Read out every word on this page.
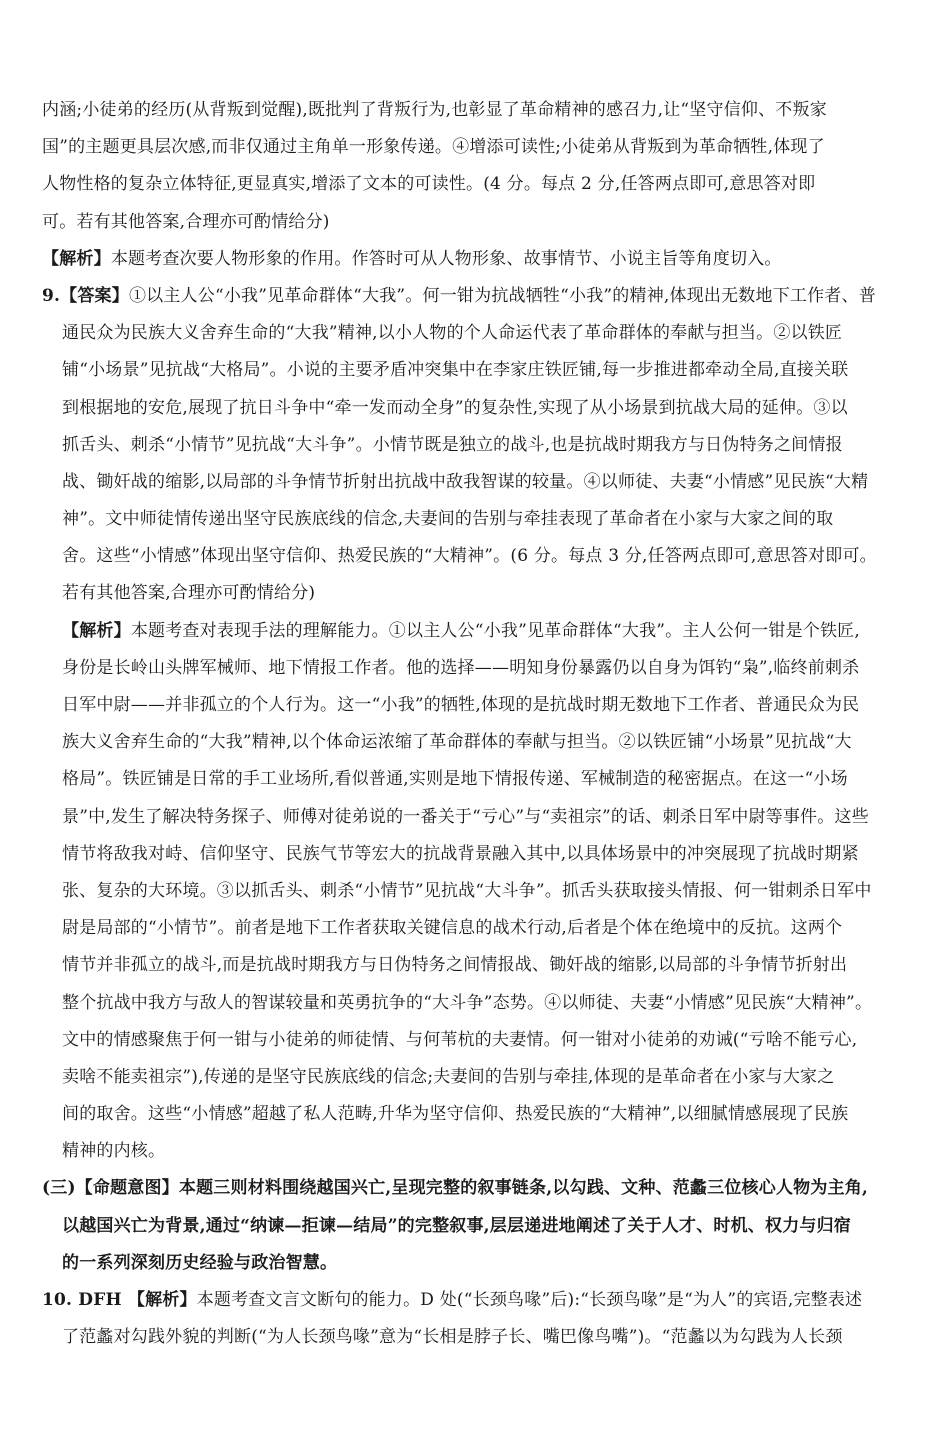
内涵;小徒弟的经历(从背叛到觉醒),既批判了背叛行为,也彰显了革命精神的感召力,让“坚守信仰、不叛家
国”的主题更具层次感,而非仅通过主角单一形象传递。④增添可读性;小徒弟从背叛到为革命牺牲,体现了
人物性格的复杂立体特征,更显真实,增添了文本的可读性。(4 分。每点 2 分,任答两点即可,意思答对即
可。若有其他答案,合理亦可酌情给分)
【解析】本题考查次要人物形象的作用。作答时可从人物形象、故事情节、小说主旨等角度切入。
9.【答案】①以主人公“小我”见革命群体“大我”。何一钳为抗战牺牲“小我”的精神,体现出无数地下工作者、普
通民众为民族大义舍弃生命的“大我”精神,以小人物的个人命运代表了革命群体的奉献与担当。②以铁匠
铺“小场景”见抗战“大格局”。小说的主要矛盾冲突集中在李家庄铁匠铺,每一步推进都牵动全局,直接关联
到根据地的安危,展现了抗日斗争中“牵一发而动全身”的复杂性,实现了从小场景到抗战大局的延伸。③以
抓舌头、刺杀“小情节”见抗战“大斗争”。小情节既是独立的战斗,也是抗战时期我方与日伪特务之间情报
战、锄奸战的缩影,以局部的斗争情节折射出抗战中敌我智谋的较量。④以师徒、夫妻“小情感”见民族“大精
神”。文中师徒情传递出坚守民族底线的信念,夫妻间的告别与牵挂表现了革命者在小家与大家之间的取
舍。这些“小情感”体现出坚守信仰、热爱民族的“大精神”。(6 分。每点 3 分,任答两点即可,意思答对即可。
若有其他答案,合理亦可酌情给分)
【解析】本题考查对表现手法的理解能力。①以主人公“小我”见革命群体“大我”。主人公何一钳是个铁匠,
身份是长岭山头牌军械师、地下情报工作者。他的选择——明知身份暴露仍以自身为饵钓“枭”,临终前刺杀
日军中尉——并非孤立的个人行为。这一“小我”的牺牲,体现的是抗战时期无数地下工作者、普通民众为民
族大义舍弃生命的“大我”精神,以个体命运浓缩了革命群体的奉献与担当。②以铁匠铺“小场景”见抗战“大
格局”。铁匠铺是日常的手工业场所,看似普通,实则是地下情报传递、军械制造的秘密据点。在这一“小场
景”中,发生了解决特务探子、师傅对徒弟说的一番关于“亏心”与“卖祖宗”的话、刺杀日军中尉等事件。这些
情节将敌我对峙、信仰坚守、民族气节等宏大的抗战背景融入其中,以具体场景中的冲突展现了抗战时期紧
张、复杂的大环境。③以抓舌头、刺杀“小情节”见抗战“大斗争”。抓舌头获取接头情报、何一钳刺杀日军中
尉是局部的“小情节”。前者是地下工作者获取关键信息的战术行动,后者是个体在绝境中的反抗。这两个
情节并非孤立的战斗,而是抗战时期我方与日伪特务之间情报战、锄奸战的缩影,以局部的斗争情节折射出
整个抗战中我方与敌人的智谋较量和英勇抗争的“大斗争”态势。④以师徒、夫妻“小情感”见民族“大精神”。
文中的情感聚焦于何一钳与小徒弟的师徒情、与何苇杭的夫妻情。何一钳对小徒弟的劝诫(“亏啥不能亏心,
卖啥不能卖祖宗”),传递的是坚守民族底线的信念;夫妻间的告别与牵挂,体现的是革命者在小家与大家之
间的取舍。这些“小情感”超越了私人范畴,升华为坚守信仰、热爱民族的“大精神”,以细腻情感展现了民族
精神的内核。
(三)【命题意图】本题三则材料围绕越国兴亡,呈现完整的叙事链条,以勾践、文种、范蠡三位核心人物为主角,
以越国兴亡为背景,通过“纳谏—拒谏—结局”的完整叙事,层层递进地阐述了关于人才、时机、权力与归宿
的一系列深刻历史经验与政治智慧。
10. DFH 【解析】本题考查文言文断句的能力。D 处(“长颈鸟喙”后):“长颈鸟喙”是“为人”的宾语,完整表述
了范蠡对勾践外貌的判断(“为人长颈鸟喙”意为“长相是脖子长、嘴巴像鸟嘴”)。“范蠡以为勾践为人长颈
